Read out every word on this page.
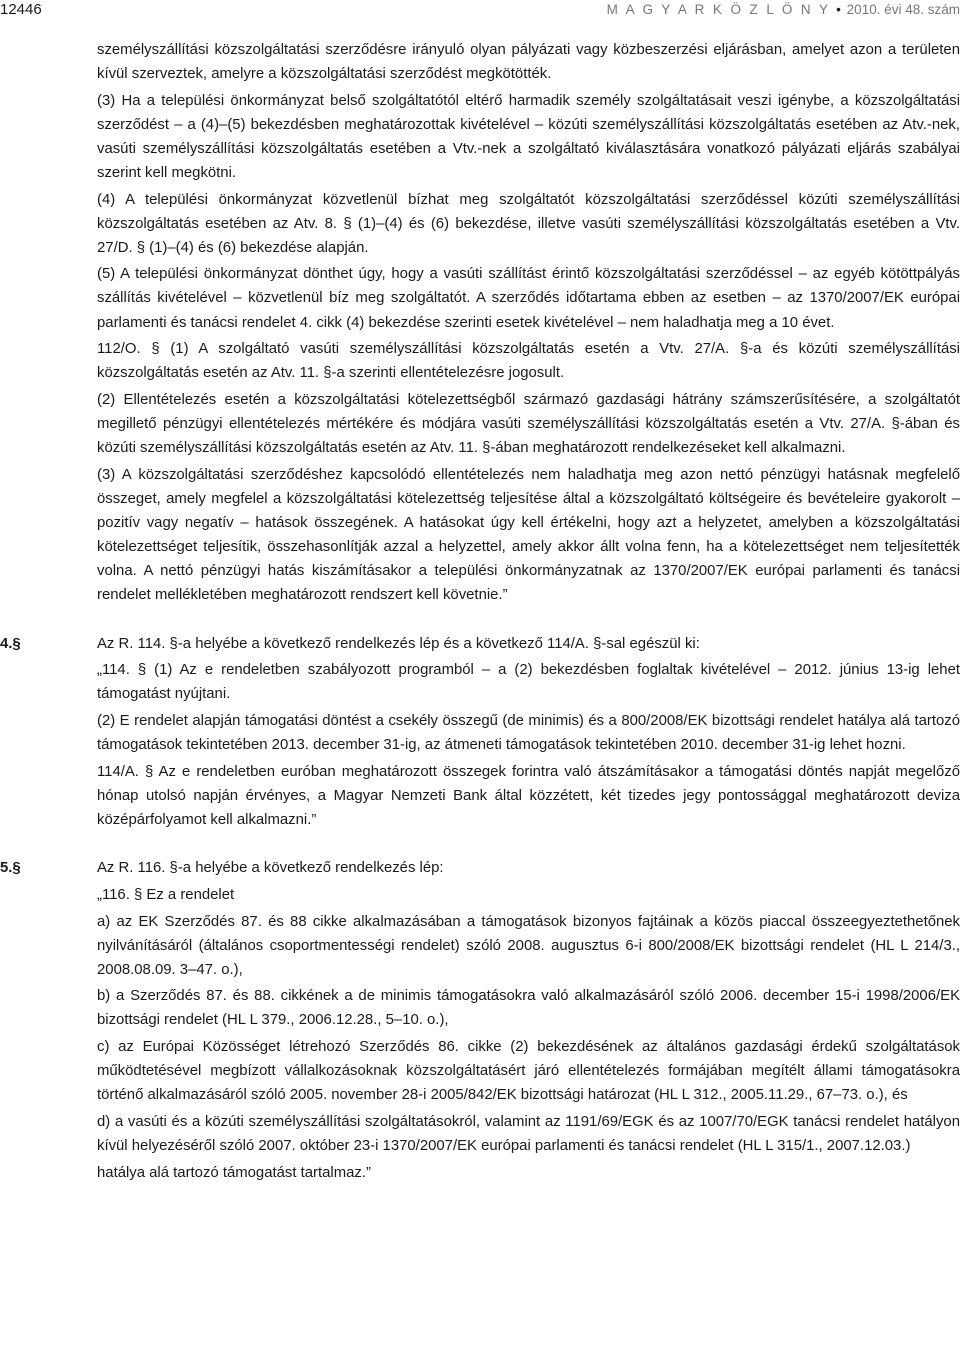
12446	M A G Y A R K Ö Z L Ö N Y • 2010. évi 48. szám

személyszállítási közszolgáltatási szerződésre irányuló olyan pályázati vagy közbeszerzési eljárásban, amelyet azon a területen kívül szerveztek, amelyre a közszolgáltatási szerződést megkötötték.

(3) Ha a települési önkormányzat belső szolgáltatótól eltérő harmadik személy szolgáltatásait veszi igénybe, a közszolgáltatási szerződést – a (4)–(5) bekezdésben meghatározottak kivételével – közúti személyszállítási közszolgáltatás esetében az Atv.-nek, vasúti személyszállítási közszolgáltatás esetében a Vtv.-nek a szolgáltató kiválasztására vonatkozó pályázati eljárás szabályai szerint kell megkötni.

(4) A települési önkormányzat közvetlenül bízhat meg szolgáltatót közszolgáltatási szerződéssel közúti személyszállítási közszolgáltatás esetében az Atv. 8. § (1)–(4) és (6) bekezdése, illetve vasúti személyszállítási közszolgáltatás esetében a Vtv. 27/D. § (1)–(4) és (6) bekezdése alapján.

(5) A települési önkormányzat dönthet úgy, hogy a vasúti szállítást érintő közszolgáltatási szerződéssel – az egyéb kötöttpályás szállítás kivételével – közvetlenül bíz meg szolgáltatót. A szerződés időtartama ebben az esetben – az 1370/2007/EK európai parlamenti és tanácsi rendelet 4. cikk (4) bekezdése szerinti esetek kivételével – nem haladhatja meg a 10 évet.

112/O. § (1) A szolgáltató vasúti személyszállítási közszolgáltatás esetén a Vtv. 27/A. §-a és közúti személyszállítási közszolgáltatás esetén az Atv. 11. §-a szerinti ellentételezésre jogosult.

(2) Ellentételezés esetén a közszolgáltatási kötelezettségből származó gazdasági hátrány számszerűsítésére, a szolgáltatót megillető pénzügyi ellentételezés mértékére és módjára vasúti személyszállítási közszolgáltatás esetén a Vtv. 27/A. §-ában és közúti személyszállítási közszolgáltatás esetén az Atv. 11. §-ában meghatározott rendelkezéseket kell alkalmazni.

(3) A közszolgáltatási szerződéshez kapcsolódó ellentételezés nem haladhatja meg azon nettó pénzügyi hatásnak megfelelő összeget, amely megfelel a közszolgáltatási kötelezettség teljesítése által a közszolgáltató költségeire és bevételeire gyakorolt – pozitív vagy negatív – hatások összegének. A hatásokat úgy kell értékelni, hogy azt a helyzetet, amelyben a közszolgáltatási kötelezettséget teljesítik, összehasonlítják azzal a helyzettel, amely akkor állt volna fenn, ha a kötelezettséget nem teljesítették volna. A nettó pénzügyi hatás kiszámításakor a települési önkormányzatnak az 1370/2007/EK európai parlamenti és tanácsi rendelet mellékletében meghatározott rendszert kell követnie.”

4.§	Az R. 114. §-a helyébe a következő rendelkezés lép és a következő 114/A. §-sal egészül ki:

„114. § (1) Az e rendeletben szabályozott programból – a (2) bekezdésben foglaltak kivételével – 2012. június 13-ig lehet támogatást nyújtani.

(2) E rendelet alapján támogatási döntést a csekély összegű (de minimis) és a 800/2008/EK bizottsági rendelet hatálya alá tartozó támogatások tekintetében 2013. december 31-ig, az átmeneti támogatások tekintetében 2010. december 31-ig lehet hozni.

114/A. § Az e rendeletben euróban meghatározott összegek forintra való átszámításakor a támogatási döntés napját megelőző hónap utolsó napján érvényes, a Magyar Nemzeti Bank által közzétett, két tizedes jegy pontossággal meghatározott deviza középárfolyamot kell alkalmazni.”

5.§	Az R. 116. §-a helyébe a következő rendelkezés lép:

„116. § Ez a rendelet

a) az EK Szerződés 87. és 88 cikke alkalmazásában a támogatások bizonyos fajtáinak a közös piaccal összeegyeztethetőnek nyilvánításáról (általános csoportmentességi rendelet) szóló 2008. augusztus 6-i 800/2008/EK bizottsági rendelet (HL L 214/3., 2008.08.09. 3–47. o.),

b) a Szerződés 87. és 88. cikkének a de minimis támogatásokra való alkalmazásáról szóló 2006. december 15-i 1998/2006/EK bizottsági rendelet (HL L 379., 2006.12.28., 5–10. o.),

c) az Európai Közösséget létrehozó Szerződés 86. cikke (2) bekezdésének az általános gazdasági érdekű szolgáltatások működtetésével megbízott vállalkozásoknak közszolgáltatásért járó ellentételezés formájában megítélt állami támogatásokra történő alkalmazásáról szóló 2005. november 28-i 2005/842/EK bizottsági határozat (HL L 312., 2005.11.29., 67–73. o.), és

d) a vasúti és a közúti személyszállítási szolgáltatásokról, valamint az 1191/69/EGK és az 1007/70/EGK tanácsi rendelet hatályon kívül helyezéséről szóló 2007. október 23-i 1370/2007/EK európai parlamenti és tanácsi rendelet (HL L 315/1., 2007.12.03.)

hatálya alá tartozó támogatást tartalmaz.”
